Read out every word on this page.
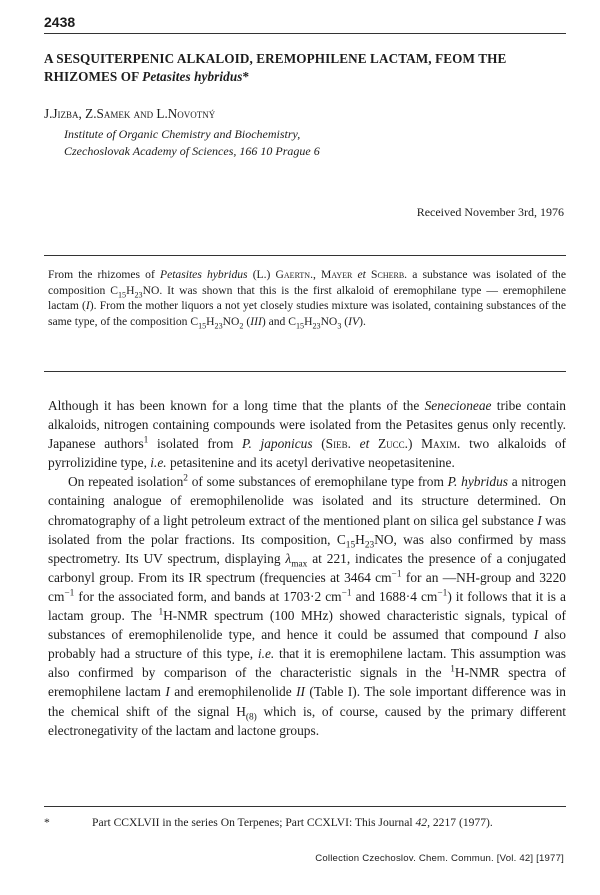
2438
A SESQUITERPENIC ALKALOID, EREMOPHILENE LACTAM, FEOM THE RHIZOMES OF Petasites hybridus*
J.Jizba, Z.Samek and L.Novotný
Institute of Organic Chemistry and Biochemistry,
Czechoslovak Academy of Sciences, 166 10 Prague 6
Received November 3rd, 1976
From the rhizomes of Petasites hybridus (L.) Gaertn., Mayer et Scherb. a substance was isolated of the composition $C_{15}H_{23}NO$. It was shown that this is the first alkaloid of eremophilane type — eremophilene lactam (I). From the mother liquors a not yet closely studies mixture was isolated, containing substances of the same type, of the composition $C_{15}H_{23}NO_2$ (III) and $C_{15}H_{23}NO_3$ (IV).

Although it has been known for a long time that the plants of the Senecioneae tribe contain alkaloids, nitrogen containing compounds were isolated from the Petasites genus only recently. Japanese authors$^1$ isolated from P. japonicus (Sieb. et Zucc.) Maxim. two alkaloids of pyrrolizidine type, i.e. petasitenine and its acetyl derivative neopetasitenine.

On repeated isolation$^2$ of some substances of eremophilane type from P. hybridus a nitrogen containing analogue of eremophilenolide was isolated and its structure determined. On chromatography of a light petroleum extract of the mentioned plant on silica gel substance I was isolated from the polar fractions. Its composition, $C_{15}H_{23}NO$, was also confirmed by mass spectrometry. Its UV spectrum, displaying $\lambda_{max}$ at 221, indicates the presence of a conjugated carbonyl group. From its IR spectrum (frequencies at 3464 $cm^{-1}$ for an —NH-group and 3220 $cm^{-1}$ for the associated form, and bands at 1703·2 $cm^{-1}$ and 1688·4 $cm^{-1}$) it follows that it is a lactam group. The $^1$H-NMR spectrum (100 MHz) showed characteristic signals, typical of substances of eremophilenolide type, and hence it could be assumed that compound I also probably had a structure of this type, i.e. that it is eremophilene lactam. This assumption was also confirmed by comparison of the characteristic signals in the $^1$H-NMR spectra of eremophilene lactam I and eremophilenolide II (Table I). The sole important difference was in the chemical shift of the signal $H_{(8)}$ which is, of course, caused by the primary different electronegativity of the lactam and lactone groups.

*	Part CCXLVII in the series On Terpenes; Part CCXLVI: This Journal 42, 2217 (1977).
Collection Czechoslov. Chem. Commun. [Vol. 42] [1977]
